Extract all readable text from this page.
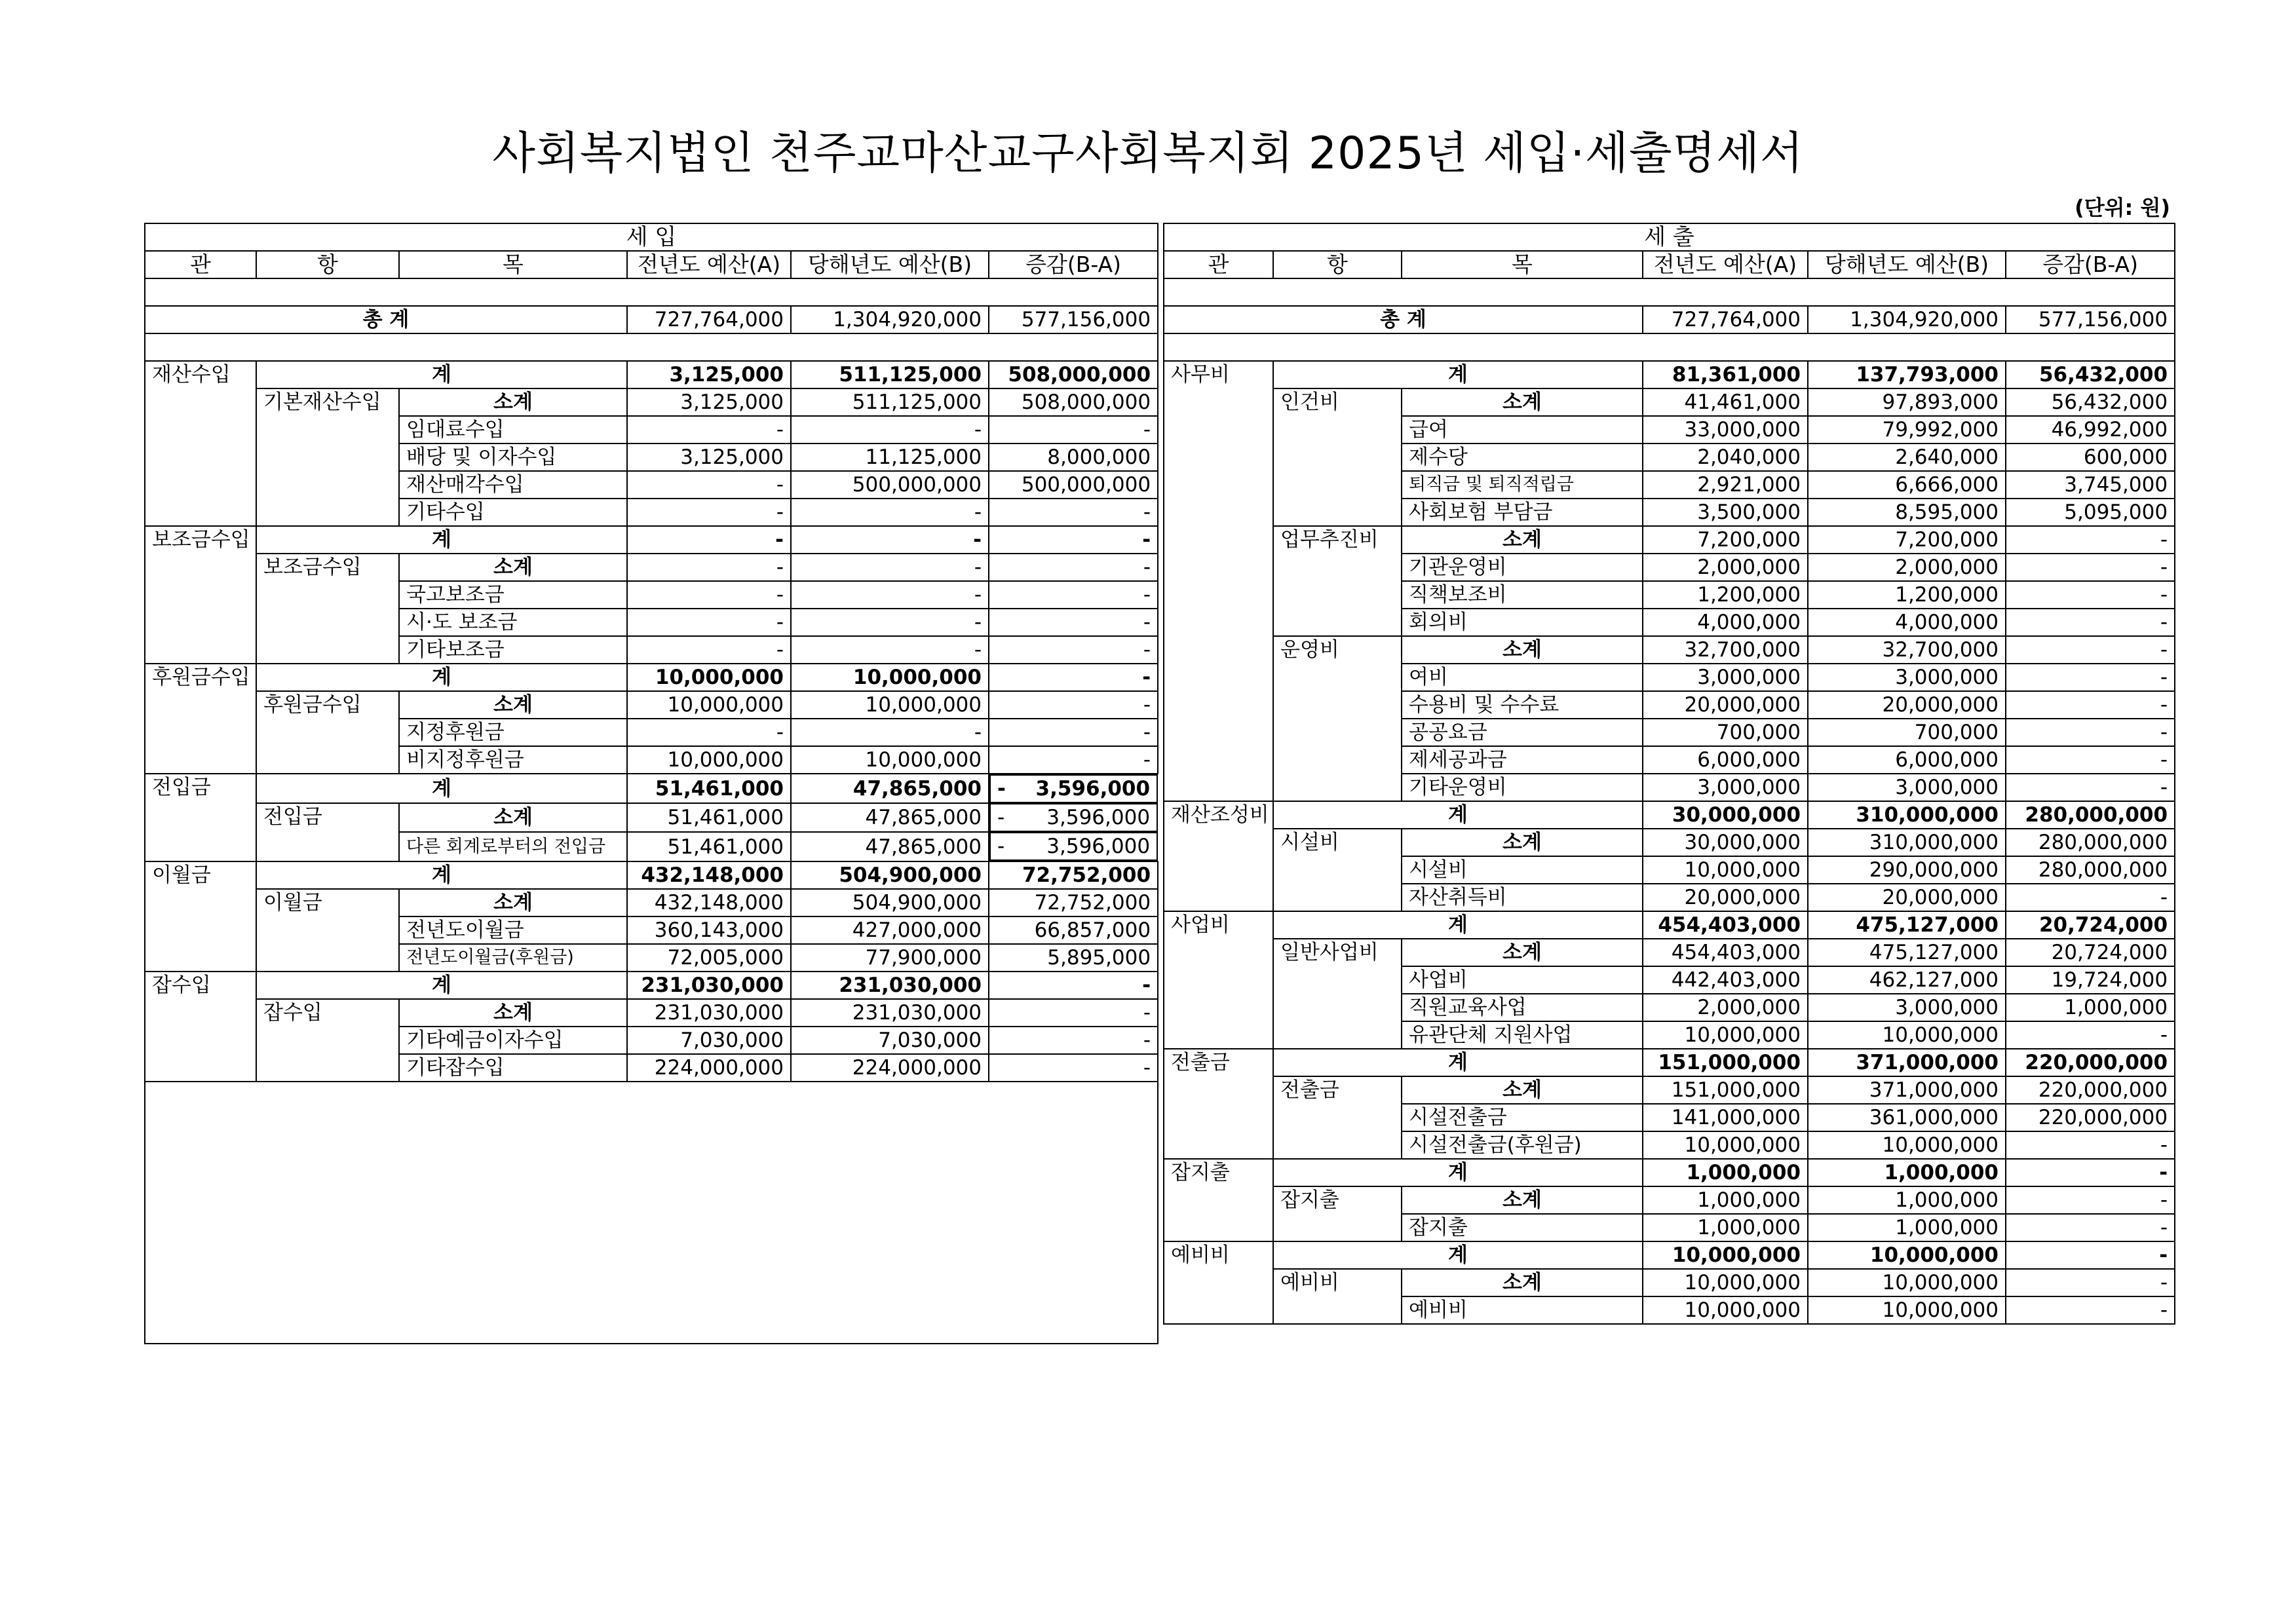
사회복지법인 천주교마산교구사회복지회 2025년 세입·세출명세서
(단위: 원)
세 입					
관	항	목	전년도 예산(A)	당해년도 예산(B)	증감(B-A)

총 계			727,764,000	1,304,920,000	577,156,000

재산수입	계		3,125,000	511,125,000	508,000,000
	기본재산수입	소계	3,125,000	511,125,000	508,000,000
		임대료수입	-	-	-
		배당 및 이자수입	3,125,000	11,125,000	8,000,000
		재산매각수입	-	500,000,000	500,000,000
		기타수입	-	-	-
보조금수입	계		-	-	-
	보조금수입	소계	-	-	-
		국고보조금	-	-	-
		시·도 보조금	-	-	-
		기타보조금	-	-	-
후원금수입	계		10,000,000	10,000,000	-
	후원금수입	소계	10,000,000	10,000,000	-
		지정후원금	-	-	-
		비지정후원금	10,000,000	10,000,000	-
전입금	계		51,461,000	47,865,000	- 3,596,000

	전입금	소계	51,461,000	47,865,000	- 3,596,000

		다른 회계로부터의 전입금	51,461,000	47,865,000	- 3,596,000

이월금	계		432,148,000	504,900,000	72,752,000
	이월금	소계	432,148,000	504,900,000	72,752,000
		전년도이월금	360,143,000	427,000,000	66,857,000
		전년도이월금(후원금)	72,005,000	77,900,000	5,895,000
잡수입	계		231,030,000	231,030,000	-
	잡수입	소계	231,030,000	231,030,000	-
		기타예금이자수입	7,030,000	7,030,000	-
		기타잡수입	224,000,000	224,000,000	-

세 출					
관	항	목	전년도 예산(A)	당해년도 예산(B)	증감(B-A)

총 계			727,764,000	1,304,920,000	577,156,000

사무비	계		81,361,000	137,793,000	56,432,000
	인건비	소계	41,461,000	97,893,000	56,432,000
		급여	33,000,000	79,992,000	46,992,000
		제수당	2,040,000	2,640,000	600,000
		퇴직금 및 퇴직적립금	2,921,000	6,666,000	3,745,000
		사회보험 부담금	3,500,000	8,595,000	5,095,000
	업무추진비	소계	7,200,000	7,200,000	-
		기관운영비	2,000,000	2,000,000	-
		직책보조비	1,200,000	1,200,000	-
		회의비	4,000,000	4,000,000	-
	운영비	소계	32,700,000	32,700,000	-
		여비	3,000,000	3,000,000	-
		수용비 및 수수료	20,000,000	20,000,000	-
		공공요금	700,000	700,000	-
		제세공과금	6,000,000	6,000,000	-
		기타운영비	3,000,000	3,000,000	-
재산조성비	계		30,000,000	310,000,000	280,000,000
	시설비	소계	30,000,000	310,000,000	280,000,000
		시설비	10,000,000	290,000,000	280,000,000
		자산취득비	20,000,000	20,000,000	-
사업비	계		454,403,000	475,127,000	20,724,000
	일반사업비	소계	454,403,000	475,127,000	20,724,000
		사업비	442,403,000	462,127,000	19,724,000
		직원교육사업	2,000,000	3,000,000	1,000,000
		유관단체 지원사업	10,000,000	10,000,000	-
전출금	계		151,000,000	371,000,000	220,000,000
	전출금	소계	151,000,000	371,000,000	220,000,000
		시설전출금	141,000,000	361,000,000	220,000,000
		시설전출금(후원금)	10,000,000	10,000,000	-
잡지출	계		1,000,000	1,000,000	-
	잡지출	소계	1,000,000	1,000,000	-
		잡지출	1,000,000	1,000,000	-
예비비	계		10,000,000	10,000,000	-
	예비비	소계	10,000,000	10,000,000	-
		예비비	10,000,000	10,000,000	-
